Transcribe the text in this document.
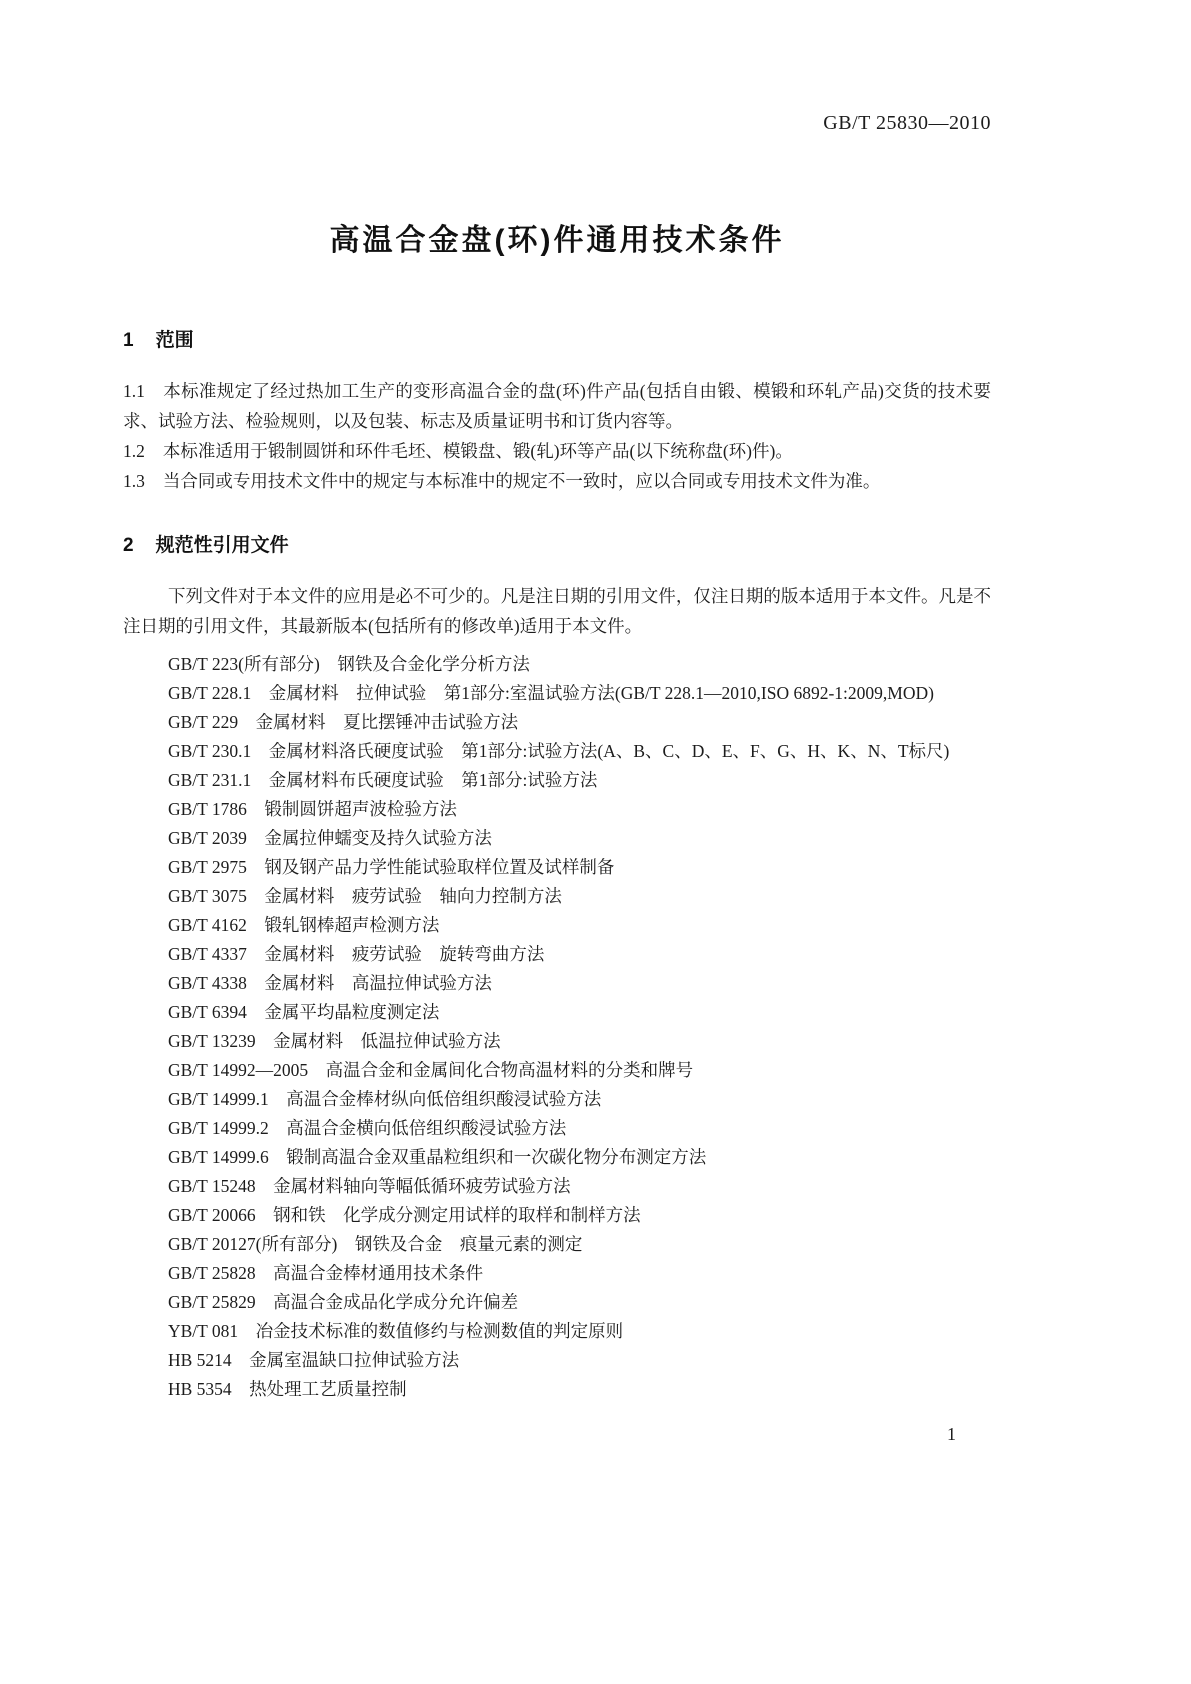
GB/T 25830—2010
高温合金盘(环)件通用技术条件
1 范围

1.1 本标准规定了经过热加工生产的变形高温合金的盘(环)件产品(包括自由锻、模锻和环轧产品)交货的技术要求、试验方法、检验规则，以及包装、标志及质量证明书和订货内容等。

1.2 本标准适用于锻制圆饼和环件毛坯、模锻盘、锻(轧)环等产品(以下统称盘(环)件)。

1.3 当合同或专用技术文件中的规定与本标准中的规定不一致时，应以合同或专用技术文件为准。

2 规范性引用文件

下列文件对于本文件的应用是必不可少的。凡是注日期的引用文件，仅注日期的版本适用于本文件。凡是不注日期的引用文件，其最新版本(包括所有的修改单)适用于本文件。

GB/T 223(所有部分)　钢铁及合金化学分析方法
GB/T 228.1　金属材料　拉伸试验　第1部分:室温试验方法(GB/T 228.1—2010,ISO 6892-1:2009,MOD)
GB/T 229　金属材料　夏比摆锤冲击试验方法
GB/T 230.1　金属材料洛氏硬度试验　第1部分:试验方法(A、B、C、D、E、F、G、H、K、N、T标尺)
GB/T 231.1　金属材料布氏硬度试验　第1部分:试验方法
GB/T 1786　锻制圆饼超声波检验方法
GB/T 2039　金属拉伸蠕变及持久试验方法
GB/T 2975　钢及钢产品力学性能试验取样位置及试样制备
GB/T 3075　金属材料　疲劳试验　轴向力控制方法
GB/T 4162　锻轧钢棒超声检测方法
GB/T 4337　金属材料　疲劳试验　旋转弯曲方法
GB/T 4338　金属材料　高温拉伸试验方法
GB/T 6394　金属平均晶粒度测定法
GB/T 13239　金属材料　低温拉伸试验方法
GB/T 14992—2005　高温合金和金属间化合物高温材料的分类和牌号
GB/T 14999.1　高温合金棒材纵向低倍组织酸浸试验方法
GB/T 14999.2　高温合金横向低倍组织酸浸试验方法
GB/T 14999.6　锻制高温合金双重晶粒组织和一次碳化物分布测定方法
GB/T 15248　金属材料轴向等幅低循环疲劳试验方法
GB/T 20066　钢和铁　化学成分测定用试样的取样和制样方法
GB/T 20127(所有部分)　钢铁及合金　痕量元素的测定
GB/T 25828　高温合金棒材通用技术条件
GB/T 25829　高温合金成品化学成分允许偏差
YB/T 081　冶金技术标准的数值修约与检测数值的判定原则
HB 5214　金属室温缺口拉伸试验方法
HB 5354　热处理工艺质量控制
1
